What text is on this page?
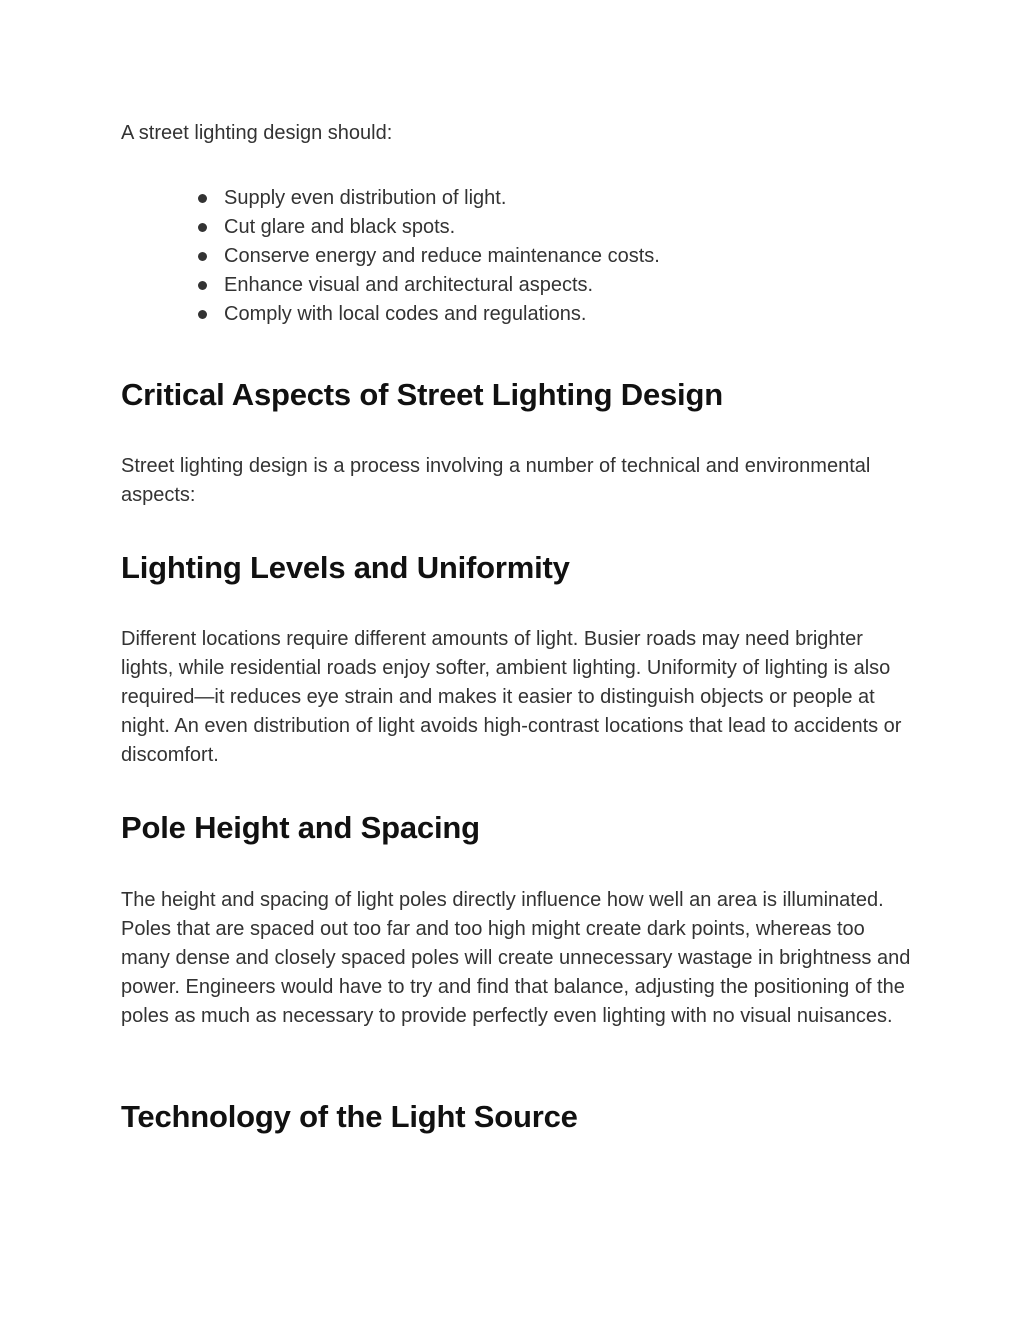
A street lighting design should:

Supply even distribution of light.
Cut glare and black spots.
Conserve energy and reduce maintenance costs.
Enhance visual and architectural aspects.
Comply with local codes and regulations.
Critical Aspects of Street Lighting Design

Street lighting design is a process involving a number of technical and environmental aspects:

Lighting Levels and Uniformity

Different locations require different amounts of light. Busier roads may need brighter lights, while residential roads enjoy softer, ambient lighting. Uniformity of lighting is also required—it reduces eye strain and makes it easier to distinguish objects or people at night. An even distribution of light avoids high-contrast locations that lead to accidents or discomfort.

Pole Height and Spacing

The height and spacing of light poles directly influence how well an area is illuminated. Poles that are spaced out too far and too high might create dark points, whereas too many dense and closely spaced poles will create unnecessary wastage in brightness and power. Engineers would have to try and find that balance, adjusting the positioning of the poles as much as necessary to provide perfectly even lighting with no visual nuisances.

Technology of the Light Source
